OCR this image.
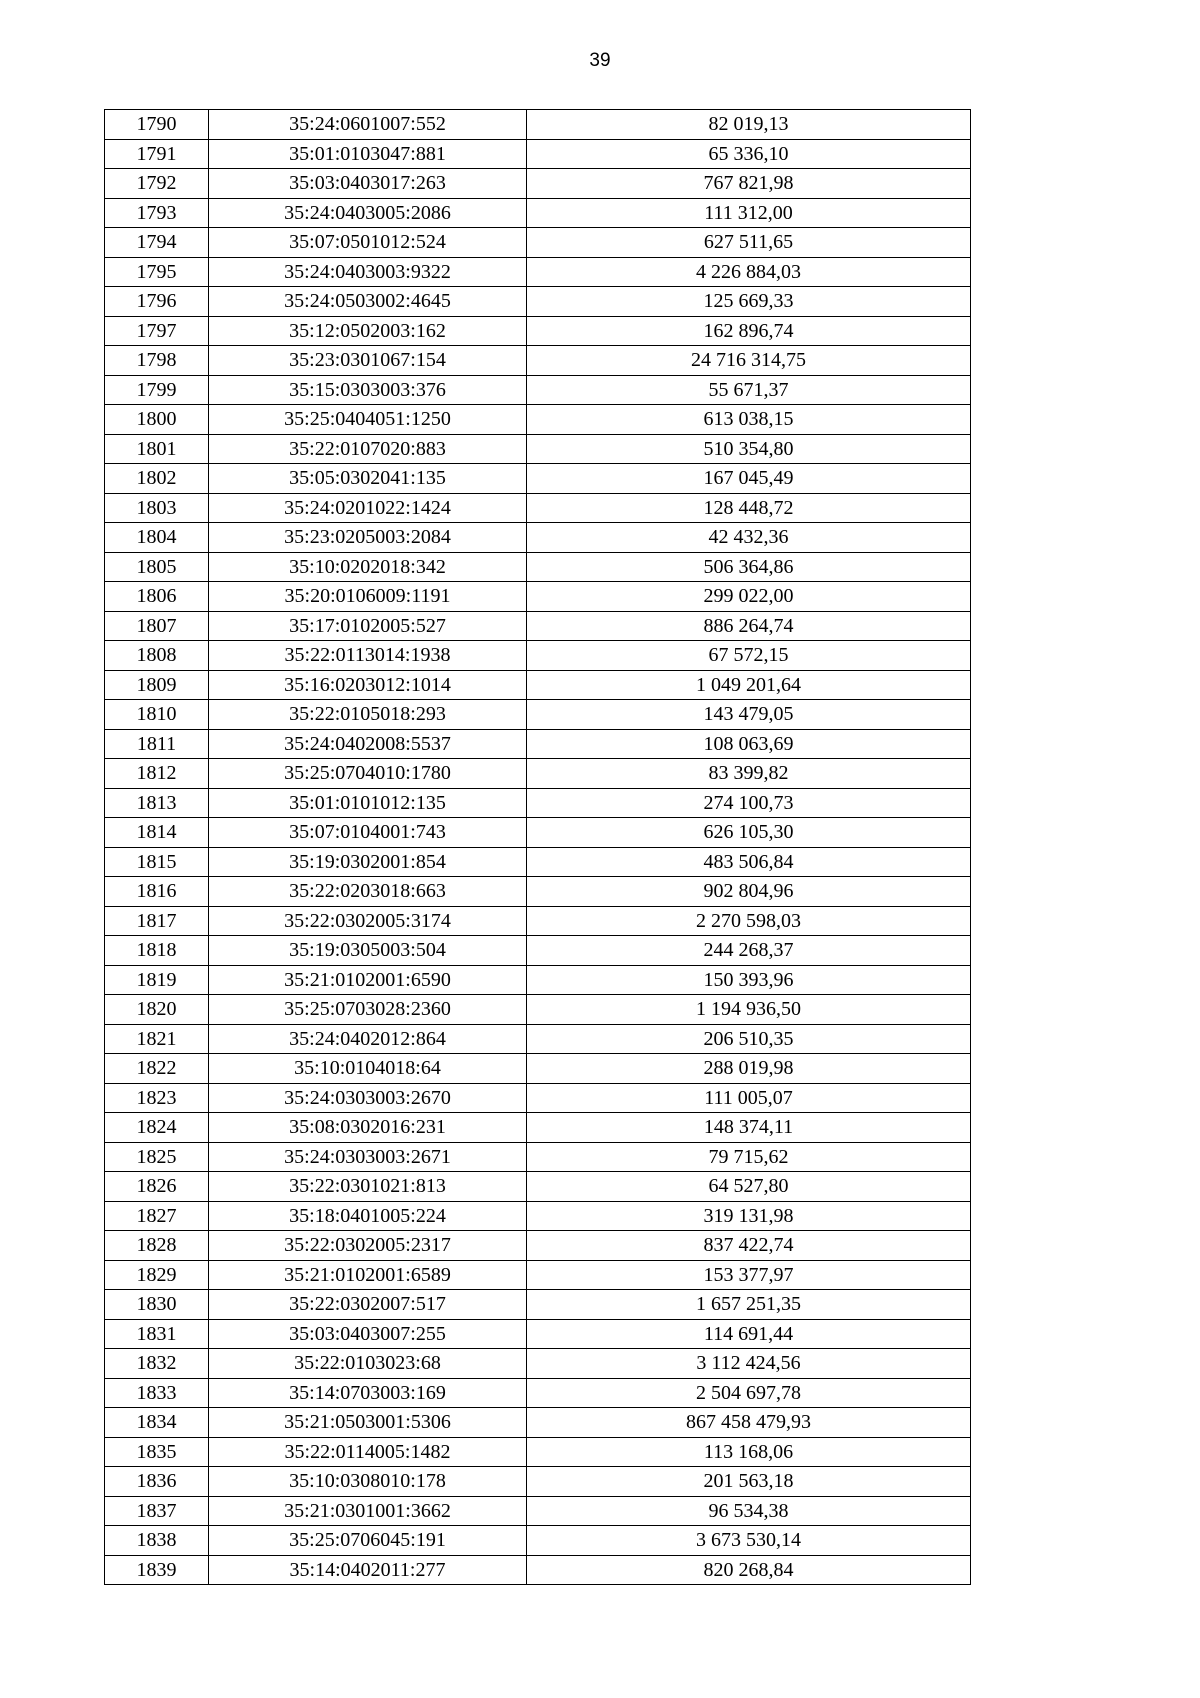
39
1790	35:24:0601007:552	82 019,13
1791	35:01:0103047:881	65 336,10
1792	35:03:0403017:263	767 821,98
1793	35:24:0403005:2086	111 312,00
1794	35:07:0501012:524	627 511,65
1795	35:24:0403003:9322	4 226 884,03
1796	35:24:0503002:4645	125 669,33
1797	35:12:0502003:162	162 896,74
1798	35:23:0301067:154	24 716 314,75
1799	35:15:0303003:376	55 671,37
1800	35:25:0404051:1250	613 038,15
1801	35:22:0107020:883	510 354,80
1802	35:05:0302041:135	167 045,49
1803	35:24:0201022:1424	128 448,72
1804	35:23:0205003:2084	42 432,36
1805	35:10:0202018:342	506 364,86
1806	35:20:0106009:1191	299 022,00
1807	35:17:0102005:527	886 264,74
1808	35:22:0113014:1938	67 572,15
1809	35:16:0203012:1014	1 049 201,64
1810	35:22:0105018:293	143 479,05
1811	35:24:0402008:5537	108 063,69
1812	35:25:0704010:1780	83 399,82
1813	35:01:0101012:135	274 100,73
1814	35:07:0104001:743	626 105,30
1815	35:19:0302001:854	483 506,84
1816	35:22:0203018:663	902 804,96
1817	35:22:0302005:3174	2 270 598,03
1818	35:19:0305003:504	244 268,37
1819	35:21:0102001:6590	150 393,96
1820	35:25:0703028:2360	1 194 936,50
1821	35:24:0402012:864	206 510,35
1822	35:10:0104018:64	288 019,98
1823	35:24:0303003:2670	111 005,07
1824	35:08:0302016:231	148 374,11
1825	35:24:0303003:2671	79 715,62
1826	35:22:0301021:813	64 527,80
1827	35:18:0401005:224	319 131,98
1828	35:22:0302005:2317	837 422,74
1829	35:21:0102001:6589	153 377,97
1830	35:22:0302007:517	1 657 251,35
1831	35:03:0403007:255	114 691,44
1832	35:22:0103023:68	3 112 424,56
1833	35:14:0703003:169	2 504 697,78
1834	35:21:0503001:5306	867 458 479,93
1835	35:22:0114005:1482	113 168,06
1836	35:10:0308010:178	201 563,18
1837	35:21:0301001:3662	96 534,38
1838	35:25:0706045:191	3 673 530,14
1839	35:14:0402011:277	820 268,84
